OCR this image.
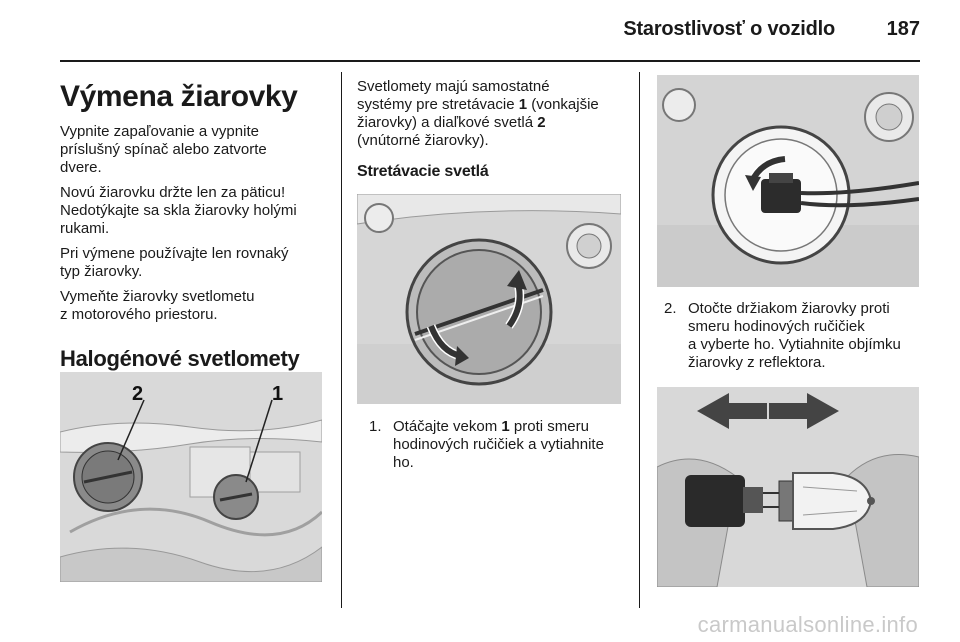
Starostlivosť o vozidlo	187
Výmena žiarovky

Vypnite zapaľovanie a vypnite

príslušný spínač alebo zatvorte

dvere.

Novú žiarovku držte len za päticu!

Nedotýkajte sa skla žiarovky holými

rukami.

Pri výmene používajte len rovnaký

typ žiarovky.

Vymeňte žiarovky svetlometu

z motorového priestoru.

Halogénové svetlomety
2	1

Svetlomety majú samostatné

systémy pre stretávacie 1 (vonkajšie

žiarovky) a diaľkové svetlá 2

(vnútorné žiarovky).

Stretávacie svetlá
1. Otáčajte vekom 1 proti smeru
hodinových ručičiek a vytiahnite
ho.
2. Otočte držiakom žiarovky proti
smeru hodinových ručičiek
a vyberte ho. Vytiahnite objímku
žiarovky z reflektora.
carmanualsonline.info
